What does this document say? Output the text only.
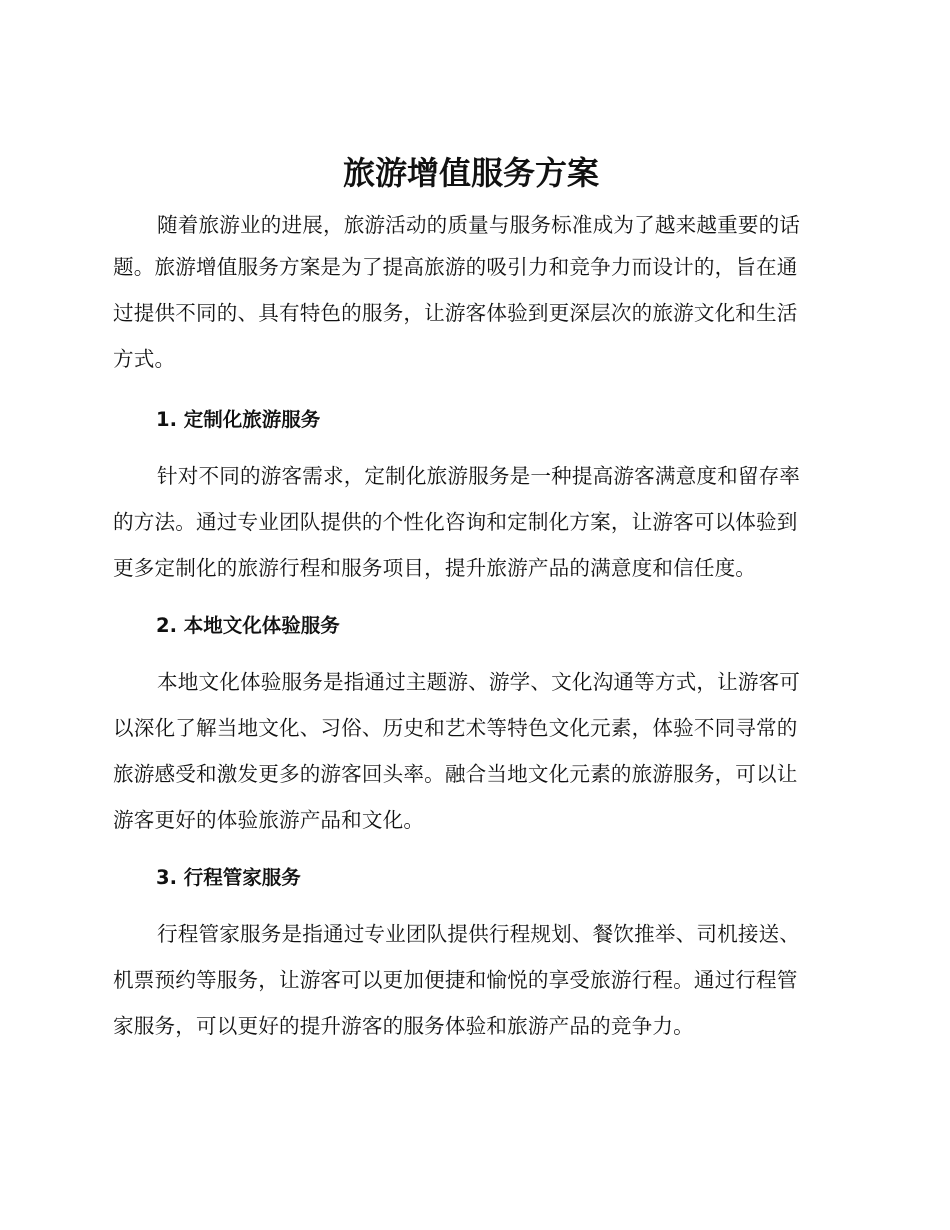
旅游增值服务方案
随着旅游业的进展，旅游活动的质量与服务标准成为了越来越重要的话
题。旅游增值服务方案是为了提高旅游的吸引力和竞争力而设计的，旨在通
过提供不同的、具有特色的服务，让游客体验到更深层次的旅游文化和生活
方式。
1. 定制化旅游服务
针对不同的游客需求，定制化旅游服务是一种提高游客满意度和留存率
的方法。通过专业团队提供的个性化咨询和定制化方案，让游客可以体验到
更多定制化的旅游行程和服务项目，提升旅游产品的满意度和信任度。
2. 本地文化体验服务
本地文化体验服务是指通过主题游、游学、文化沟通等方式，让游客可
以深化了解当地文化、习俗、历史和艺术等特色文化元素，体验不同寻常的
旅游感受和激发更多的游客回头率。融合当地文化元素的旅游服务，可以让
游客更好的体验旅游产品和文化。
3. 行程管家服务
行程管家服务是指通过专业团队提供行程规划、餐饮推举、司机接送、
机票预约等服务，让游客可以更加便捷和愉悦的享受旅游行程。通过行程管
家服务，可以更好的提升游客的服务体验和旅游产品的竞争力。
